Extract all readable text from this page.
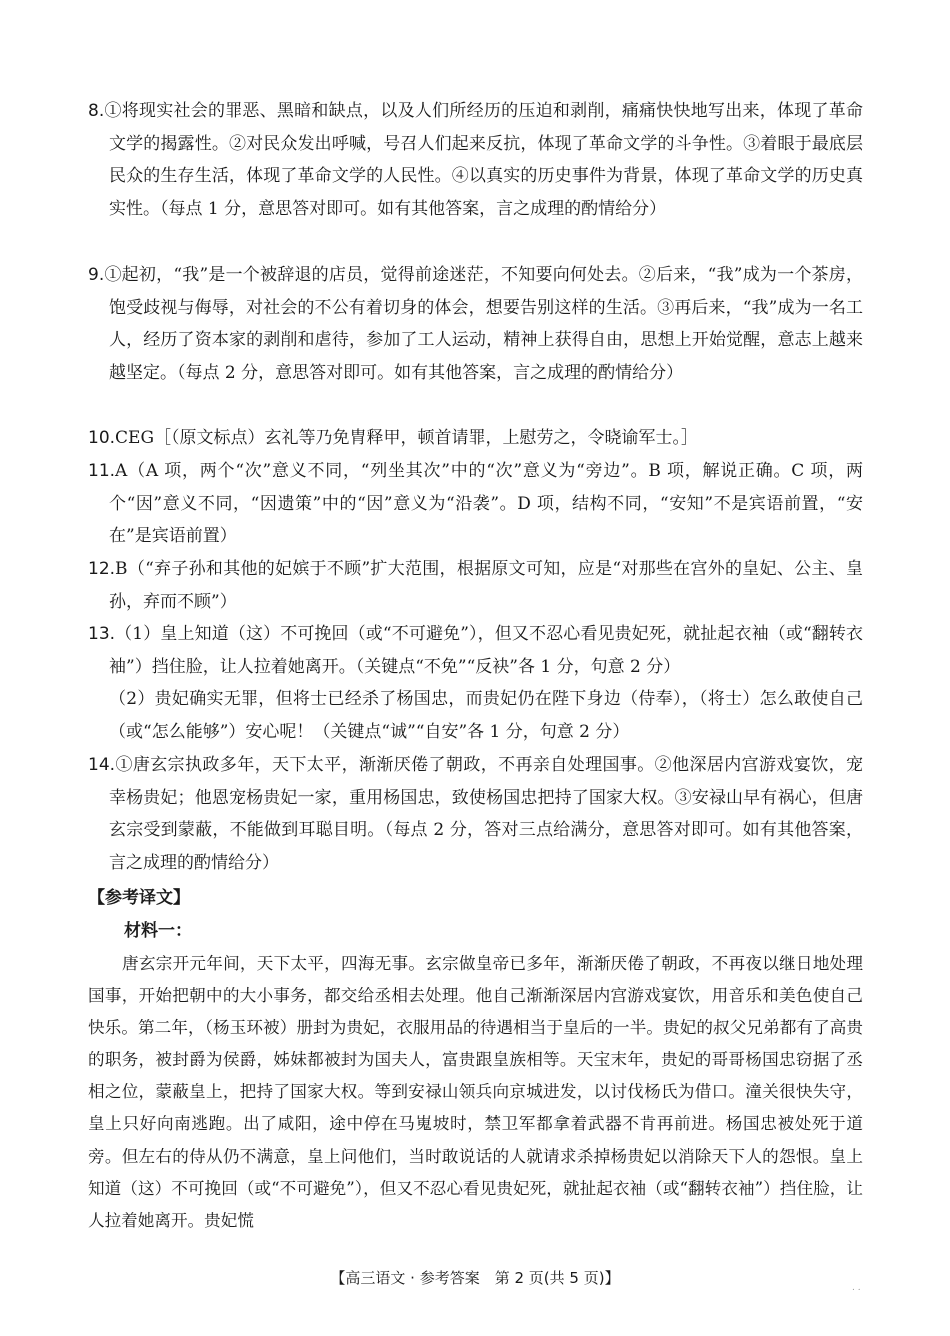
8.①将现实社会的罪恶、黑暗和缺点，以及人们所经历的压迫和剥削，痛痛快快地写出来，体现了革命文学的揭露性。②对民众发出呼喊，号召人们起来反抗，体现了革命文学的斗争性。③着眼于最底层民众的生存生活，体现了革命文学的人民性。④以真实的历史事件为背景，体现了革命文学的历史真实性。（每点 1 分，意思答对即可。如有其他答案，言之成理的酌情给分）

9.①起初，“我”是一个被辞退的店员，觉得前途迷茫，不知要向何处去。②后来，“我”成为一个茶房，饱受歧视与侮辱，对社会的不公有着切身的体会，想要告别这样的生活。③再后来，“我”成为一名工人，经历了资本家的剥削和虐待，参加了工人运动，精神上获得自由，思想上开始觉醒，意志上越来越坚定。（每点 2 分，意思答对即可。如有其他答案，言之成理的酌情给分）

10.CEG［（原文标点）玄礼等乃免胄释甲，顿首请罪，上慰劳之，令晓谕军士。］

11.A（A 项，两个“次”意义不同，“列坐其次”中的“次”意义为“旁边”。B 项，解说正确。C 项，两个“因”意义不同，“因遗策”中的“因”意义为“沿袭”。D 项，结构不同，“安知”不是宾语前置，“安在”是宾语前置）

12.B（“弃子孙和其他的妃嫔于不顾”扩大范围，根据原文可知，应是“对那些在宫外的皇妃、公主、皇孙，弃而不顾”）

13.（1）皇上知道（这）不可挽回（或“不可避免”），但又不忍心看见贵妃死，就扯起衣袖（或“翻转衣袖”）挡住脸，让人拉着她离开。（关键点“不免”“反袂”各 1 分，句意 2 分）

（2）贵妃确实无罪，但将士已经杀了杨国忠，而贵妃仍在陛下身边（侍奉），（将士）怎么敢使自己（或“怎么能够”）安心呢！（关键点“诚”“自安”各 1 分，句意 2 分）

14.①唐玄宗执政多年，天下太平，渐渐厌倦了朝政，不再亲自处理国事。②他深居内宫游戏宴饮，宠幸杨贵妃；他恩宠杨贵妃一家，重用杨国忠，致使杨国忠把持了国家大权。③安禄山早有祸心，但唐玄宗受到蒙蔽，不能做到耳聪目明。（每点 2 分，答对三点给满分，意思答对即可。如有其他答案，言之成理的酌情给分）

【参考译文】
材料一：
唐玄宗开元年间，天下太平，四海无事。玄宗做皇帝已多年，渐渐厌倦了朝政，不再夜以继日地处理国事，开始把朝中的大小事务，都交给丞相去处理。他自己渐渐深居内宫游戏宴饮，用音乐和美色使自己快乐。第二年，（杨玉环被）册封为贵妃，衣服用品的待遇相当于皇后的一半。贵妃的叔父兄弟都有了高贵的职务，被封爵为侯爵，姊妹都被封为国夫人，富贵跟皇族相等。天宝末年，贵妃的哥哥杨国忠窃据了丞相之位，蒙蔽皇上，把持了国家大权。等到安禄山领兵向京城进发，以讨伐杨氏为借口。潼关很快失守，皇上只好向南逃跑。出了咸阳，途中停在马嵬坡时，禁卫军都拿着武器不肯再前进。杨国忠被处死于道旁。但左右的侍从仍不满意，皇上问他们，当时敢说话的人就请求杀掉杨贵妃以消除天下人的怨恨。皇上知道（这）不可挽回（或“不可避免”），但又不忍心看见贵妃死，就扯起衣袖（或“翻转衣袖”）挡住脸，让人拉着她离开。贵妃慌
【高三语文 · 参考答案　第 2 页(共 5 页)】
. .
